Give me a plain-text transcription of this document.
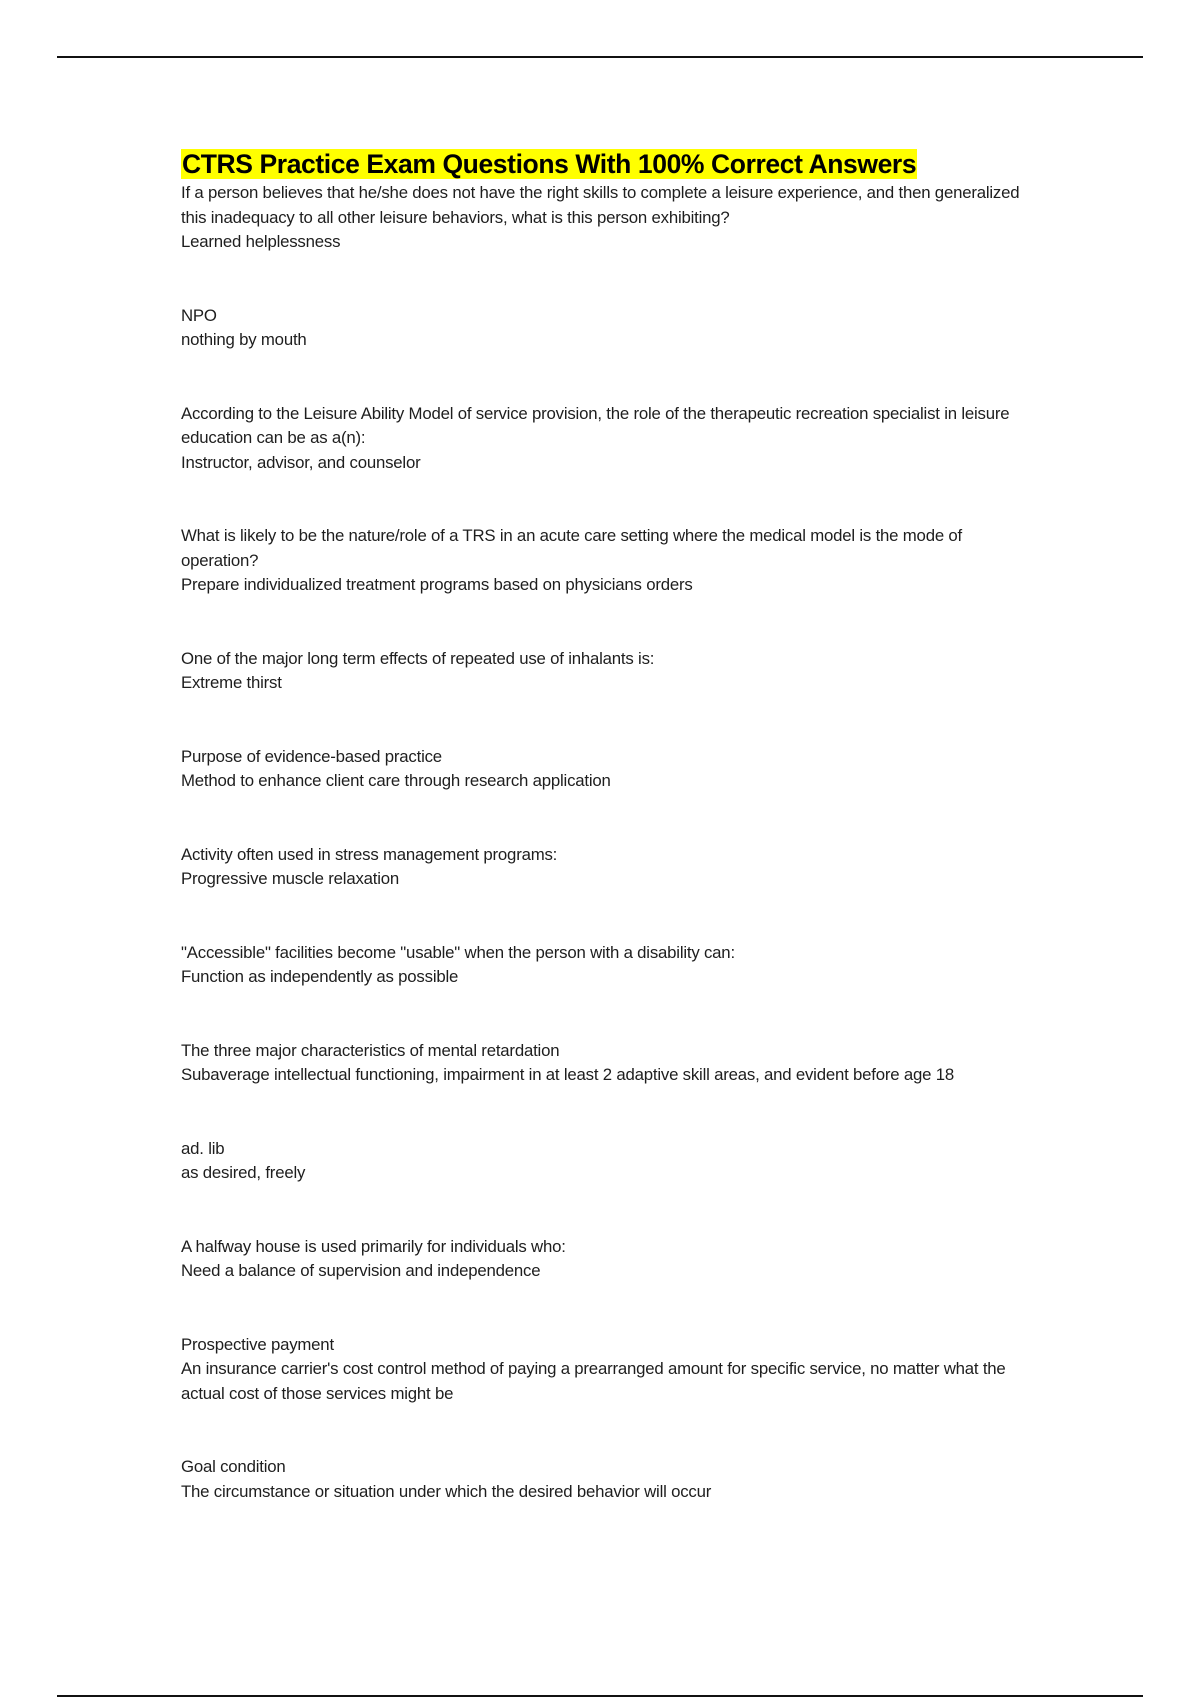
CTRS Practice Exam Questions With 100% Correct Answers
If a person believes that he/she does not have the right skills to complete a leisure experience, and then generalized this inadequacy to all other leisure behaviors, what is this person exhibiting?
Learned helplessness
NPO
nothing by mouth
According to the Leisure Ability Model of service provision, the role of the therapeutic recreation specialist in leisure education can be as a(n):
Instructor, advisor, and counselor
What is likely to be the nature/role of a TRS in an acute care setting where the medical model is the mode of operation?
Prepare individualized treatment programs based on physicians orders
One of the major long term effects of repeated use of inhalants is:
Extreme thirst
Purpose of evidence-based practice
Method to enhance client care through research application
Activity often used in stress management programs:
Progressive muscle relaxation
"Accessible" facilities become "usable" when the person with a disability can:
Function as independently as possible
The three major characteristics of mental retardation
Subaverage intellectual functioning, impairment in at least 2 adaptive skill areas, and evident before age 18
ad. lib
as desired, freely
A halfway house is used primarily for individuals who:
Need a balance of supervision and independence
Prospective payment
An insurance carrier's cost control method of paying a prearranged amount for specific service, no matter what the actual cost of those services might be
Goal condition
The circumstance or situation under which the desired behavior will occur
